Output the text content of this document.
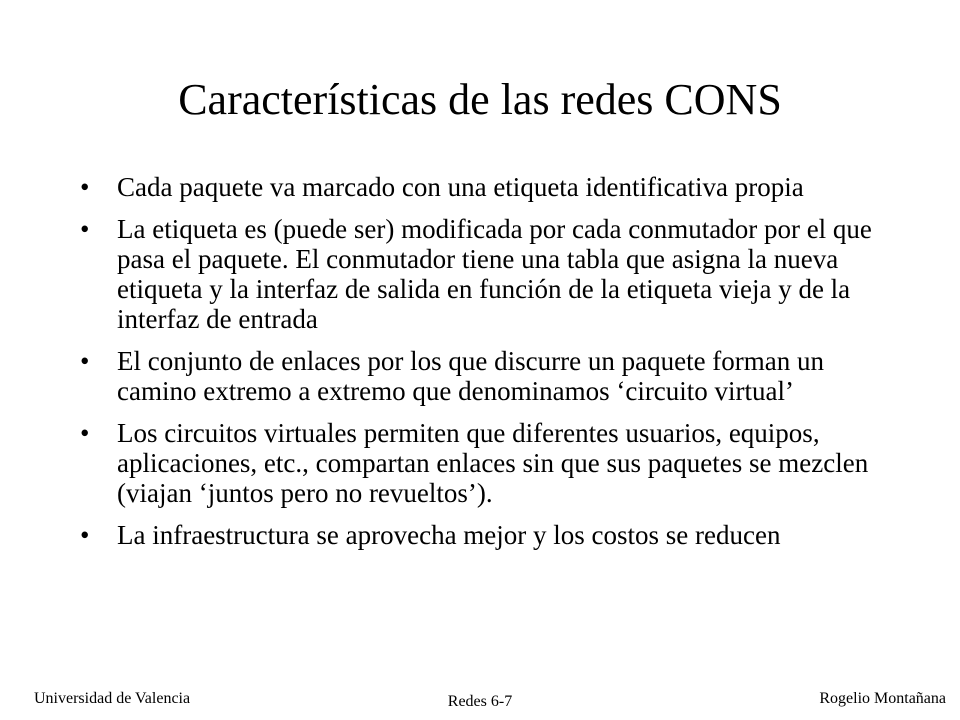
Características de las redes CONS
• Cada paquete va marcado con una etiqueta identificativa propia
• La etiqueta es (puede ser) modificada por cada conmutador por el que pasa el paquete. El conmutador tiene una tabla que asigna la nueva etiqueta y la interfaz de salida en función de la etiqueta vieja y de la interfaz de entrada
• El conjunto de enlaces por los que discurre un paquete forman un camino extremo a extremo que denominamos ‘circuito virtual’
• Los circuitos virtuales permiten que diferentes usuarios, equipos, aplicaciones, etc., compartan enlaces sin que sus paquetes se mezclen (viajan ‘juntos pero no revueltos’).
• La infraestructura se aprovecha mejor y los costos se reducen
Universidad de Valencia	Redes 6-7	Rogelio Montañana
